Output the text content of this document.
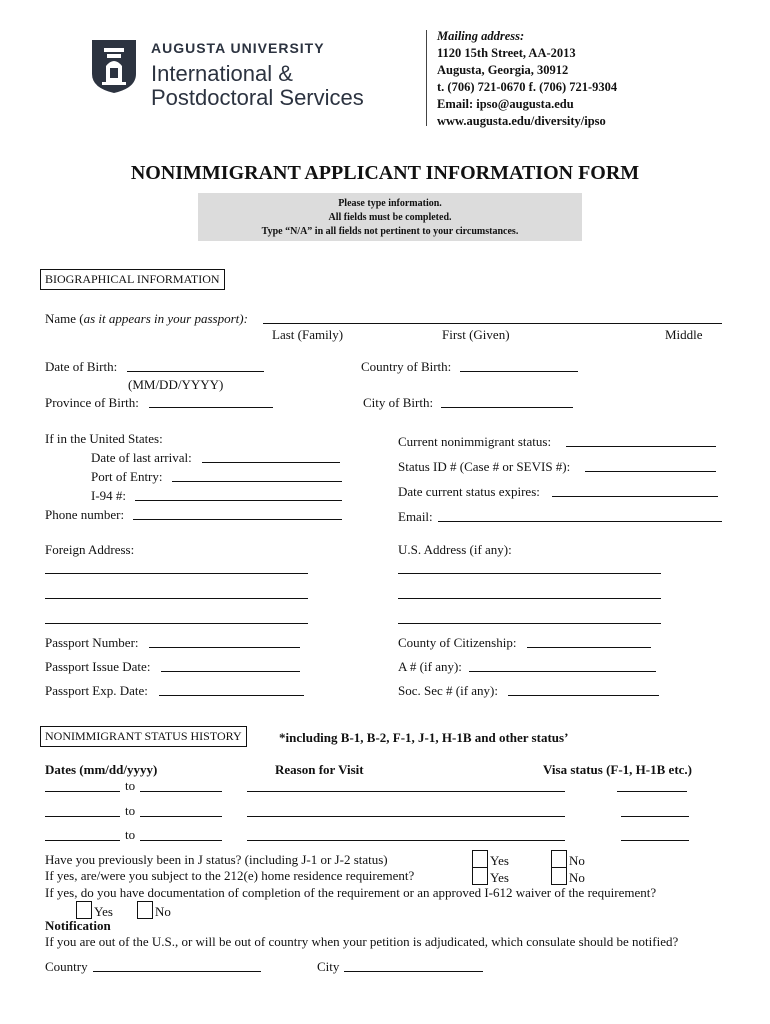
AUGUSTA UNIVERSITY
International &
Postdoctoral Services
Mailing address:
1120 15th Street, AA-2013
Augusta, Georgia, 30912
t. (706) 721-0670 f. (706) 721-9304
Email: ipso@augusta.edu
www.augusta.edu/diversity/ipso
NONIMMIGRANT APPLICANT INFORMATION FORM
Please type information.
All fields must be completed.
Type “N/A” in all fields not pertinent to your circumstances.
BIOGRAPHICAL INFORMATION
Name (as it appears in your passport):
Last (Family)	First (Given)	Middle
Date of Birth:
(MM/DD/YYYY)
Country of Birth:
Province of Birth:	City of Birth:
If in the United States:
Date of last arrival:
Port of Entry:
I-94 #:
Phone number:
Current nonimmigrant status:
Status ID # (Case # or SEVIS #):
Date current status expires:
Email:
Foreign Address:	U.S. Address (if any):
Passport Number:
Passport Issue Date:
Passport Exp. Date:
County of Citizenship:
A # (if any):
Soc. Sec # (if any):
NONIMMIGRANT STATUS HISTORY	*including B-1, B-2, F-1, J-1, H-1B and other status’
Dates (mm/dd/yyyy)	Reason for Visit	Visa status (F-1, H-1B etc.)
to
to
to
Have you previously been in J status? (including J-1 or J-2 status)	Yes	No
If yes, are/were you subject to the 212(e) home residence requirement?	Yes	No
If yes, do you have documentation of completion of the requirement or an approved I-612 waiver of the requirement?
Yes	No
Notification
If you are out of the U.S., or will be out of country when your petition is adjudicated, which consulate should be notified?
Country	City
